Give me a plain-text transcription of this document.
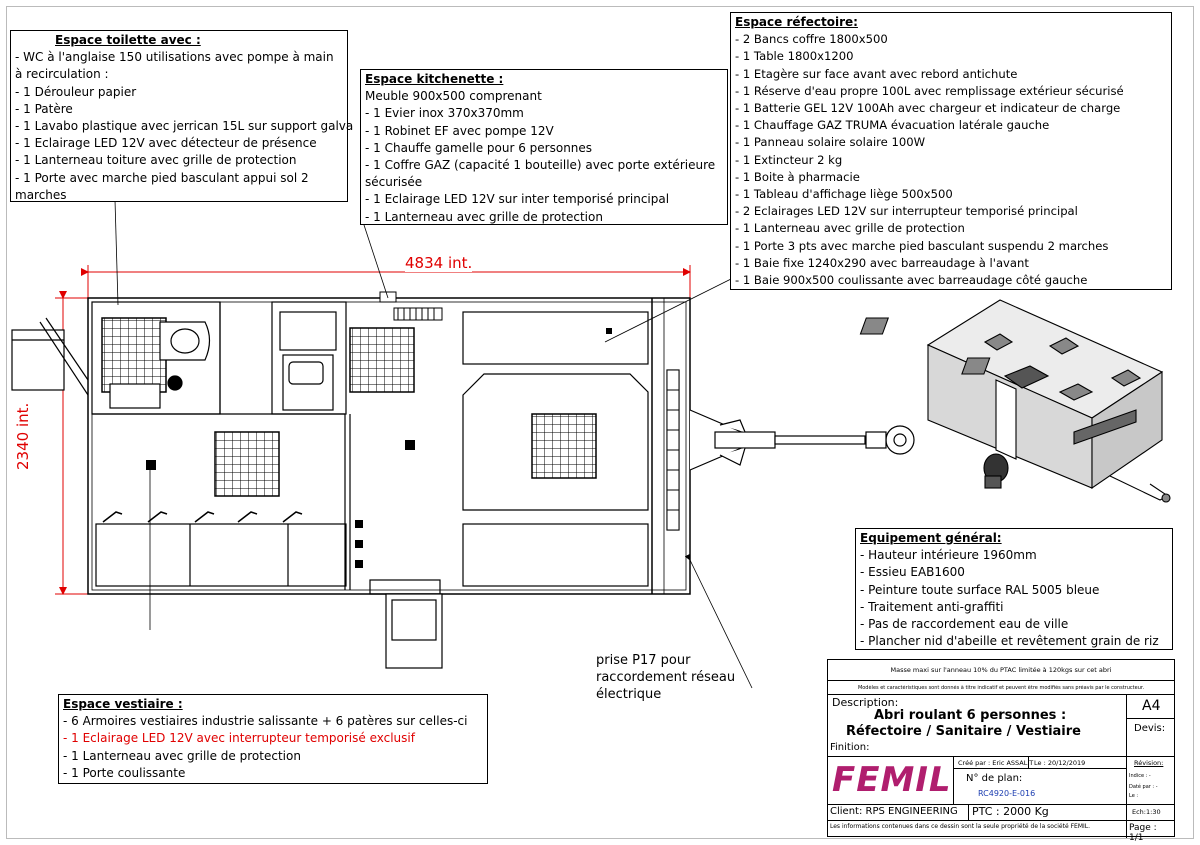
Espace toilette avec :
- WC à l'anglaise 150 utilisations avec pompe à main à recirculation :
- 1 Dérouleur papier
- 1 Patère
- 1 Lavabo plastique avec jerrican 15L sur support galva
- 1 Eclairage LED 12V avec détecteur de présence
- 1 Lanterneau toiture avec grille de protection
- 1 Porte avec marche pied basculant appui sol 2 marches
Espace kitchenette :
Meuble 900x500 comprenant
- 1 Evier inox 370x370mm
- 1 Robinet EF avec pompe 12V
- 1 Chauffe gamelle pour 6 personnes
- 1 Coffre GAZ (capacité 1 bouteille) avec porte extérieure sécurisée
- 1 Eclairage LED 12V sur inter temporisé principal
- 1 Lanterneau avec grille de protection
Espace réfectoire:
- 2 Bancs coffre 1800x500
- 1 Table 1800x1200
- 1 Etagère sur face avant avec rebord antichute
- 1 Réserve d'eau propre 100L avec remplissage extérieur sécurisé
- 1 Batterie GEL 12V 100Ah avec chargeur et indicateur de charge
- 1 Chauffage GAZ TRUMA évacuation latérale gauche
- 1 Panneau solaire solaire 100W
- 1 Extincteur 2 kg
- 1 Boite à pharmacie
- 1 Tableau d'affichage liège 500x500
- 2 Eclairages LED 12V sur interrupteur temporisé principal
- 1 Lanterneau avec grille de protection
- 1 Porte 3 pts avec marche pied basculant suspendu 2 marches
- 1 Baie fixe 1240x290 avec barreaudage à l'avant
- 1 Baie 900x500 coulissante avec barreaudage côté gauche
Equipement général:
- Hauteur intérieure 1960mm
- Essieu EAB1600
- Peinture toute surface RAL 5005 bleue
- Traitement anti-graffiti
- Pas de raccordement eau de ville
- Plancher nid d'abeille et revêtement grain de riz
Espace vestiaire :
- 6 Armoires vestiaires industrie salissante + 6 patères sur celles-ci
- 1 Eclairage LED 12V avec interrupteur temporisé exclusif
- 1 Lanterneau avec grille de protection
- 1 Porte coulissante
4834 int.
2340 int.
prise P17 pour
raccordement réseau
électrique
Masse maxi sur l'anneau 10% du PTAC limitée à 120kgs sur cet abri
Modèles et caractéristiques sont donnés à titre indicatif et peuvent être modifiés sans préavis par le constructeur.
Description:
Abri roulant 6 personnes :
Réfectoire / Sanitaire / Vestiaire
Finition:
A4
Devis:
FEMIL Créé par : Eric ASSALIT Le : 20/12/2019	Révision:
Indice : -
Daté par : -
Le :
N° de plan:
RC4920-E-016
Client: RPS ENGINEERING PTC : 2000 Kg	Ech:1:30
Les informations contenues dans ce dessin sont la seule propriété de la société FEMIL.	Page : 1/1
